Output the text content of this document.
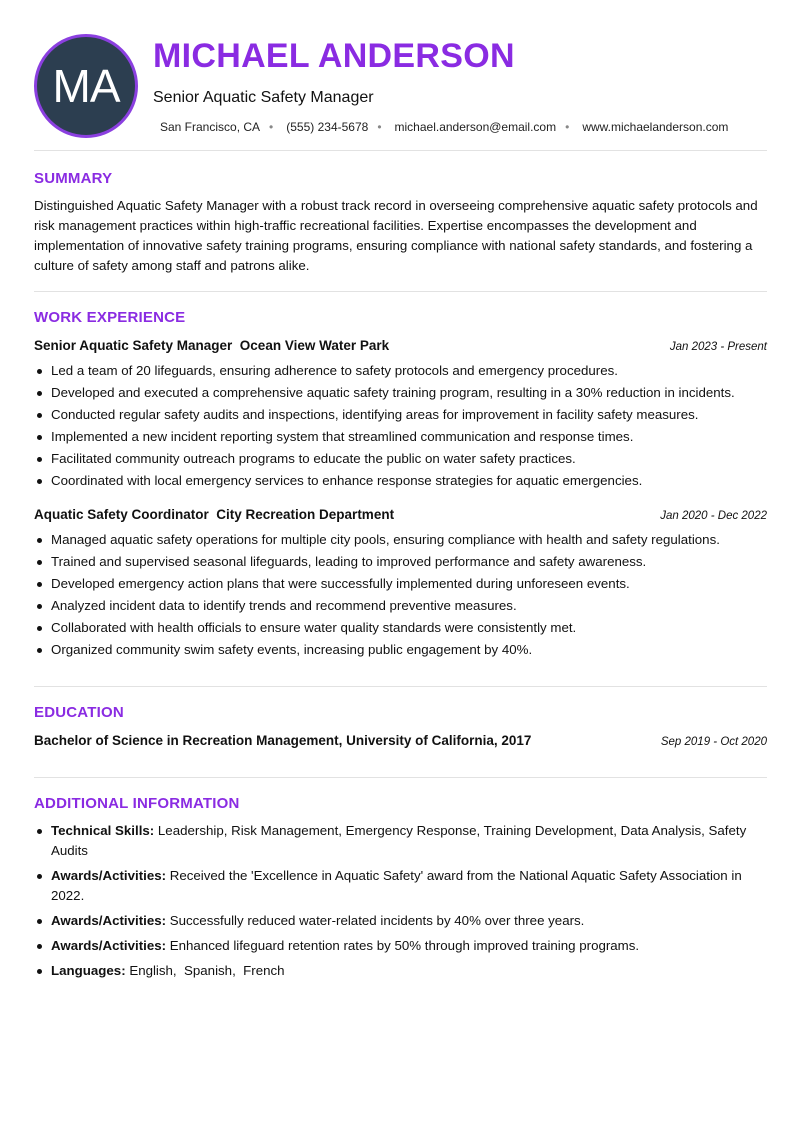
MA
MICHAEL ANDERSON
Senior Aquatic Safety Manager
San Francisco, CA • (555) 234-5678 • michael.anderson@email.com • www.michaelanderson.com
SUMMARY
Distinguished Aquatic Safety Manager with a robust track record in overseeing comprehensive aquatic safety protocols and risk management practices within high-traffic recreational facilities. Expertise encompasses the development and implementation of innovative safety training programs, ensuring compliance with national safety standards, and fostering a culture of safety among staff and patrons alike.
WORK EXPERIENCE
Senior Aquatic Safety Manager  Ocean View Water Park	Jan 2023 - Present
Led a team of 20 lifeguards, ensuring adherence to safety protocols and emergency procedures.
Developed and executed a comprehensive aquatic safety training program, resulting in a 30% reduction in incidents.
Conducted regular safety audits and inspections, identifying areas for improvement in facility safety measures.
Implemented a new incident reporting system that streamlined communication and response times.
Facilitated community outreach programs to educate the public on water safety practices.
Coordinated with local emergency services to enhance response strategies for aquatic emergencies.
Aquatic Safety Coordinator  City Recreation Department	Jan 2020 - Dec 2022
Managed aquatic safety operations for multiple city pools, ensuring compliance with health and safety regulations.
Trained and supervised seasonal lifeguards, leading to improved performance and safety awareness.
Developed emergency action plans that were successfully implemented during unforeseen events.
Analyzed incident data to identify trends and recommend preventive measures.
Collaborated with health officials to ensure water quality standards were consistently met.
Organized community swim safety events, increasing public engagement by 40%.
EDUCATION
Bachelor of Science in Recreation Management, University of California, 2017	Sep 2019 - Oct 2020
ADDITIONAL INFORMATION
Technical Skills: Leadership, Risk Management, Emergency Response, Training Development, Data Analysis, Safety Audits
Awards/Activities: Received the 'Excellence in Aquatic Safety' award from the National Aquatic Safety Association in 2022.
Awards/Activities: Successfully reduced water-related incidents by 40% over three years.
Awards/Activities: Enhanced lifeguard retention rates by 50% through improved training programs.
Languages: English,  Spanish,  French
